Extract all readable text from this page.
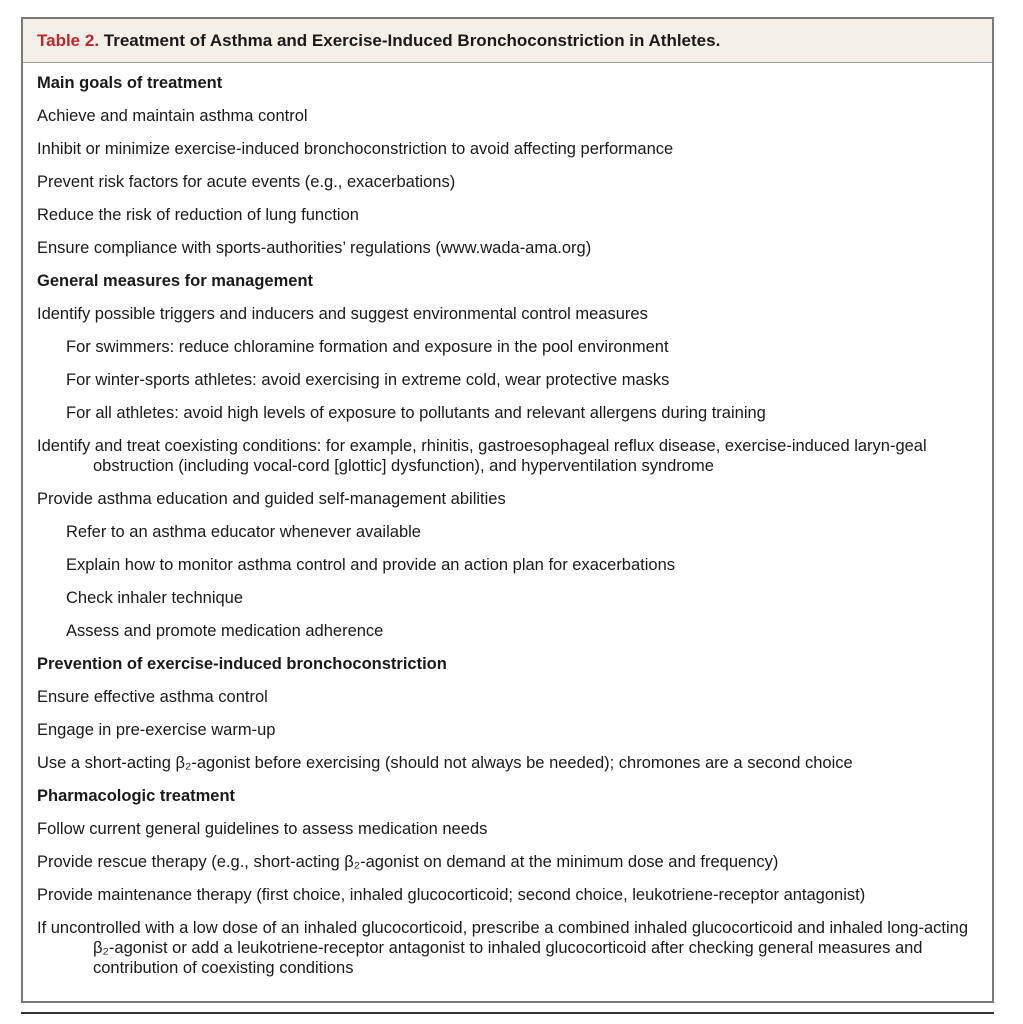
Table 2. Treatment of Asthma and Exercise-Induced Bronchoconstriction in Athletes.
Main goals of treatment
Achieve and maintain asthma control
Inhibit or minimize exercise-induced bronchoconstriction to avoid affecting performance
Prevent risk factors for acute events (e.g., exacerbations)
Reduce the risk of reduction of lung function
Ensure compliance with sports-authorities’ regulations (www.wada-ama.org)
General measures for management
Identify possible triggers and inducers and suggest environmental control measures
For swimmers: reduce chloramine formation and exposure in the pool environment
For winter-sports athletes: avoid exercising in extreme cold, wear protective masks
For all athletes: avoid high levels of exposure to pollutants and relevant allergens during training
Identify and treat coexisting conditions: for example, rhinitis, gastroesophageal reflux disease, exercise-induced laryn-geal obstruction (including vocal-cord [glottic] dysfunction), and hyperventilation syndrome
Provide asthma education and guided self-management abilities
Refer to an asthma educator whenever available
Explain how to monitor asthma control and provide an action plan for exacerbations
Check inhaler technique
Assess and promote medication adherence
Prevention of exercise-induced bronchoconstriction
Ensure effective asthma control
Engage in pre-exercise warm-up
Use a short-acting β₂-agonist before exercising (should not always be needed); chromones are a second choice
Pharmacologic treatment
Follow current general guidelines to assess medication needs
Provide rescue therapy (e.g., short-acting β₂-agonist on demand at the minimum dose and frequency)
Provide maintenance therapy (first choice, inhaled glucocorticoid; second choice, leukotriene-receptor antagonist)
If uncontrolled with a low dose of an inhaled glucocorticoid, prescribe a combined inhaled glucocorticoid and inhaled long-acting β₂-agonist or add a leukotriene-receptor antagonist to inhaled glucocorticoid after checking general measures and contribution of coexisting conditions
